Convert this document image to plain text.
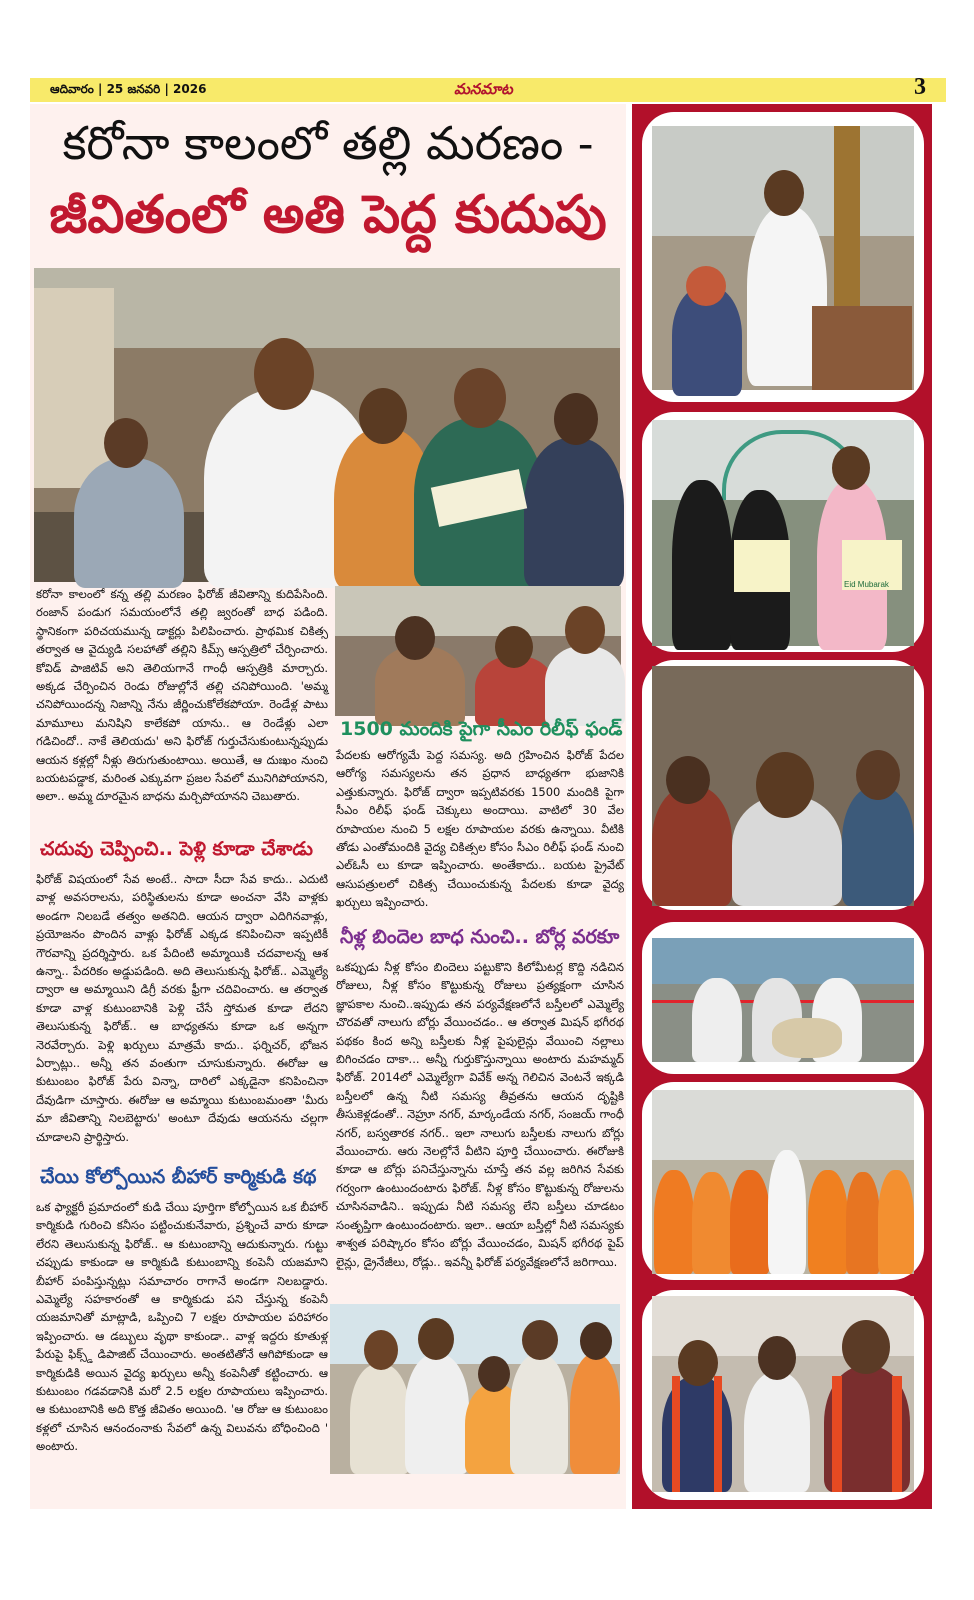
ఆదివారం | 25 జనవరి | 2026	మనమాట	3
కరోనా కాలంలో తల్లి మరణం -
జీవితంలో అతి పెద్ద కుదుపు

కరోనా కాలంలో కన్న తల్లి మరణం ఫిరోజ్ జీవితాన్ని కుదిపేసింది. రంజాన్ పండుగ సమయంలోనే తల్లి జ్వరంతో బాధ పడింది. స్థానికంగా పరిచయమున్న డాక్టర్లు పిలిపించారు. ప్రాథమిక చికిత్స తర్వాత ఆ వైద్యుడి సలహాతో తల్లిని కిమ్స్ ఆస్పత్రిలో చేర్పించారు. కోవిడ్ పాజిటివ్ అని తెలియగానే గాంధీ ఆస్పత్రికి మార్చారు. అక్కడ చేర్పించిన రెండు రోజుల్లోనే తల్లి చనిపోయింది. 'అమ్మ చనిపోయిందన్న నిజాన్ని నేను జీర్ణించుకోలేకపోయా. రెండేళ్ల పాటు మామూలు మనిషిని కాలేకపో యాను.. ఆ రెండేళ్లు ఎలా గడిచిందో.. నాకే తెలియదు' అని ఫిరోజ్ గుర్తుచేసుకుంటున్నప్పుడు ఆయన కళ్లల్లో నీళ్లు తిరుగుతుంటాయి. అయితే, ఆ దుఃఖం నుంచి బయటపడ్డాక, మరింత ఎక్కువగా ప్రజల సేవలో మునిగిపోయానని, అలా.. అమ్మ దూరమైన బాధను మర్చిపోయానని చెబుతారు.

చదువు చెప్పించి.. పెళ్లి కూడా చేశాడు

ఫిరోజ్ విషయంలో సేవ అంటే.. సాదా సీదా సేవ కాదు.. ఎదుటి వాళ్ల అవసరాలను, పరిస్థితులను కూడా అంచనా వేసి వాళ్లకు అండగా నిలబడే తత్వం అతనిది. ఆయన ద్వారా ఎదిగినవాళ్లు, ప్రయోజనం పొందిన వాళ్లు ఫిరోజ్ ఎక్కడ కనిపించినా ఇప్పటికీ గౌరవాన్ని ప్రదర్శిస్తారు. ఒక పేదింటి అమ్మాయికి చదవాలన్న ఆశ ఉన్నా.. పేదరికం అడ్డుపడింది. అది తెలుసుకున్న ఫిరోజ్.. ఎమ్మెల్యే ద్వారా ఆ అమ్మాయిని డిగ్రీ వరకు ఫ్రీగా చదివించారు. ఆ తర్వాత కూడా వాళ్ల కుటుంబానికి పెళ్లి చేసే స్తోమత కూడా లేదని తెలుసుకున్న ఫిరోజ్.. ఆ బాధ్యతను కూడా ఒక అన్నగా నెరవేర్చారు. పెళ్లి ఖర్చులు మాత్రమే కాదు.. ఫర్నిచర్, భోజన ఏర్పాట్లు.. అన్నీ తన వంతుగా చూసుకున్నారు. ఈరోజు ఆ కుటుంబం ఫిరోజ్ పేరు విన్నా, దారిలో ఎక్కడైనా కనిపించినా దేవుడిగా చూస్తారు. ఈరోజు ఆ అమ్మాయి కుటుంబమంతా 'మీరు మా జీవితాన్ని నిలబెట్టారు' అంటూ దేవుడు ఆయనను చల్లగా చూడాలని ప్రార్థిస్తారు.

చేయి కోల్పోయిన బీహార్ కార్మికుడి కథ

ఒక ఫ్యాక్టరీ ప్రమాదంలో కుడి చేయి పూర్తిగా కోల్పోయిన ఒక బీహార్ కార్మికుడి గురించి కనీసం పట్టించుకునేవారు, ప్రశ్నించే వారు కూడా లేరని తెలుసుకున్న ఫిరోజ్.. ఆ కుటుంబాన్ని ఆదుకున్నారు. గుట్టు చప్పుడు కాకుండా ఆ కార్మికుడి కుటుంబాన్ని కంపెనీ యజమాని బీహార్ పంపిస్తున్నట్లు సమాచారం రాగానే అండగా నిలబడ్డారు. ఎమ్మెల్యే సహకారంతో ఆ కార్మికుడు పని చేస్తున్న కంపెనీ యజమానితో మాట్లాడి, ఒప్పించి 7 లక్షల రూపాయల పరిహారం ఇప్పించారు. ఆ డబ్బులు వృథా కాకుండా.. వాళ్ల ఇద్దరు కూతుళ్ల పేరుపై ఫిక్స్డ్ డిపాజిట్ చేయించారు. అంతటితోనే ఆగిపోకుండా ఆ కార్మికుడికి అయిన వైద్య ఖర్చులు అన్నీ కంపెనీతో కట్టించారు. ఆ కుటుంబం గడవడానికి మరో 2.5 లక్షల రూపాయలు ఇప్పించారు. ఆ కుటుంబానికి అది కొత్త జీవితం అయింది. 'ఆ రోజు ఆ కుటుంబం కళ్లలో చూసిన ఆనందంనాకు సేవలో ఉన్న విలువను బోధించింది ' అంటారు.

1500 మందికి పైగా సీఎం రిలీఫ్ ఫండ్

పేదలకు ఆరోగ్యమే పెద్ద సమస్య. అది గ్రహించిన ఫిరోజ్ పేదల ఆరోగ్య సమస్యలను తన ప్రధాన బాధ్యతగా భుజానికి ఎత్తుకున్నారు. ఫిరోజ్ ద్వారా ఇప్పటివరకు 1500 మందికి పైగా సీఎం రిలీఫ్ ఫండ్ చెక్కులు అందాయి. వాటిలో 30 వేల రూపాయల నుంచి 5 లక్షల రూపాయల వరకు ఉన్నాయి. వీటికి తోడు ఎంతోమందికి వైద్య చికిత్సల కోసం సీఎం రిలీఫ్ ఫండ్ నుంచి ఎల్ఓసీ లు కూడా ఇప్పించారు. అంతేకాదు.. బయట ప్రైవేట్ ఆసుపత్రులలో చికిత్స చేయించుకున్న పేదలకు కూడా వైద్య ఖర్చులు ఇప్పించారు.

నీళ్ల బిందెల బాధ నుంచి.. బోర్ల వరకూ

ఒకప్పుడు నీళ్ల కోసం బిందెలు పట్టుకొని కిలోమీటర్ల కొద్ది నడిచిన రోజులు, నీళ్ల కోసం కొట్టుకున్న రోజులు ప్రత్యక్షంగా చూసిన జ్ఞాపకాల నుంచి..ఇప్పుడు తన పర్యవేక్షణలోనే బస్తీలలో ఎమ్మెల్యే చొరవతో నాలుగు బోర్లు వేయించడం.. ఆ తర్వాత మిషన్ భగీరథ పథకం కింద అన్ని బస్తీలకు నీళ్ల పైపులైన్లు వేయించి నల్లాలు బిగించడం దాకా... అన్నీ గుర్తుకొస్తున్నాయి అంటారు మహమ్మద్ ఫిరోజ్. 2014లో ఎమ్మెల్యేగా వివేక్ అన్న గెలిచిన వెంటనే ఇక్కడి బస్తీలలో ఉన్న నీటి సమస్య తీవ్రతను ఆయన దృష్టికి తీసుకెళ్లడంతో.. నెహ్రూ నగర్, మార్కండేయ నగర్, సంజయ్ గాంధీ నగర్, బస్వతారక నగర్.. ఇలా నాలుగు బస్తీలకు నాలుగు బోర్లు వేయించారు. ఆరు నెలల్లోనే వీటిని పూర్తి చేయించారు. ఈరోజుకి కూడా ఆ బోర్లు పనిచేస్తున్నాను చూస్తే తన వల్ల జరిగిన సేవకు గర్వంగా ఉంటుందంటారు ఫిరోజ్. నీళ్ల కోసం కొట్టుకున్న రోజులను చూసినవాడిని.. ఇప్పుడు నీటి సమస్య లేని బస్తీలు చూడటం సంతృప్తిగా ఉంటుందంటారు. ఇలా.. ఆయా బస్తీల్లో నీటి సమస్యకు శాశ్వత పరిష్కారం కోసం బోర్లు వేయించడం, మిషన్ భగీరథ పైప్ లైన్లు, డ్రైనేజీలు, రోడ్లు.. ఇవన్నీ ఫిరోజ్ పర్యవేక్షణలోనే జరిగాయి.

Eid Mubarak
